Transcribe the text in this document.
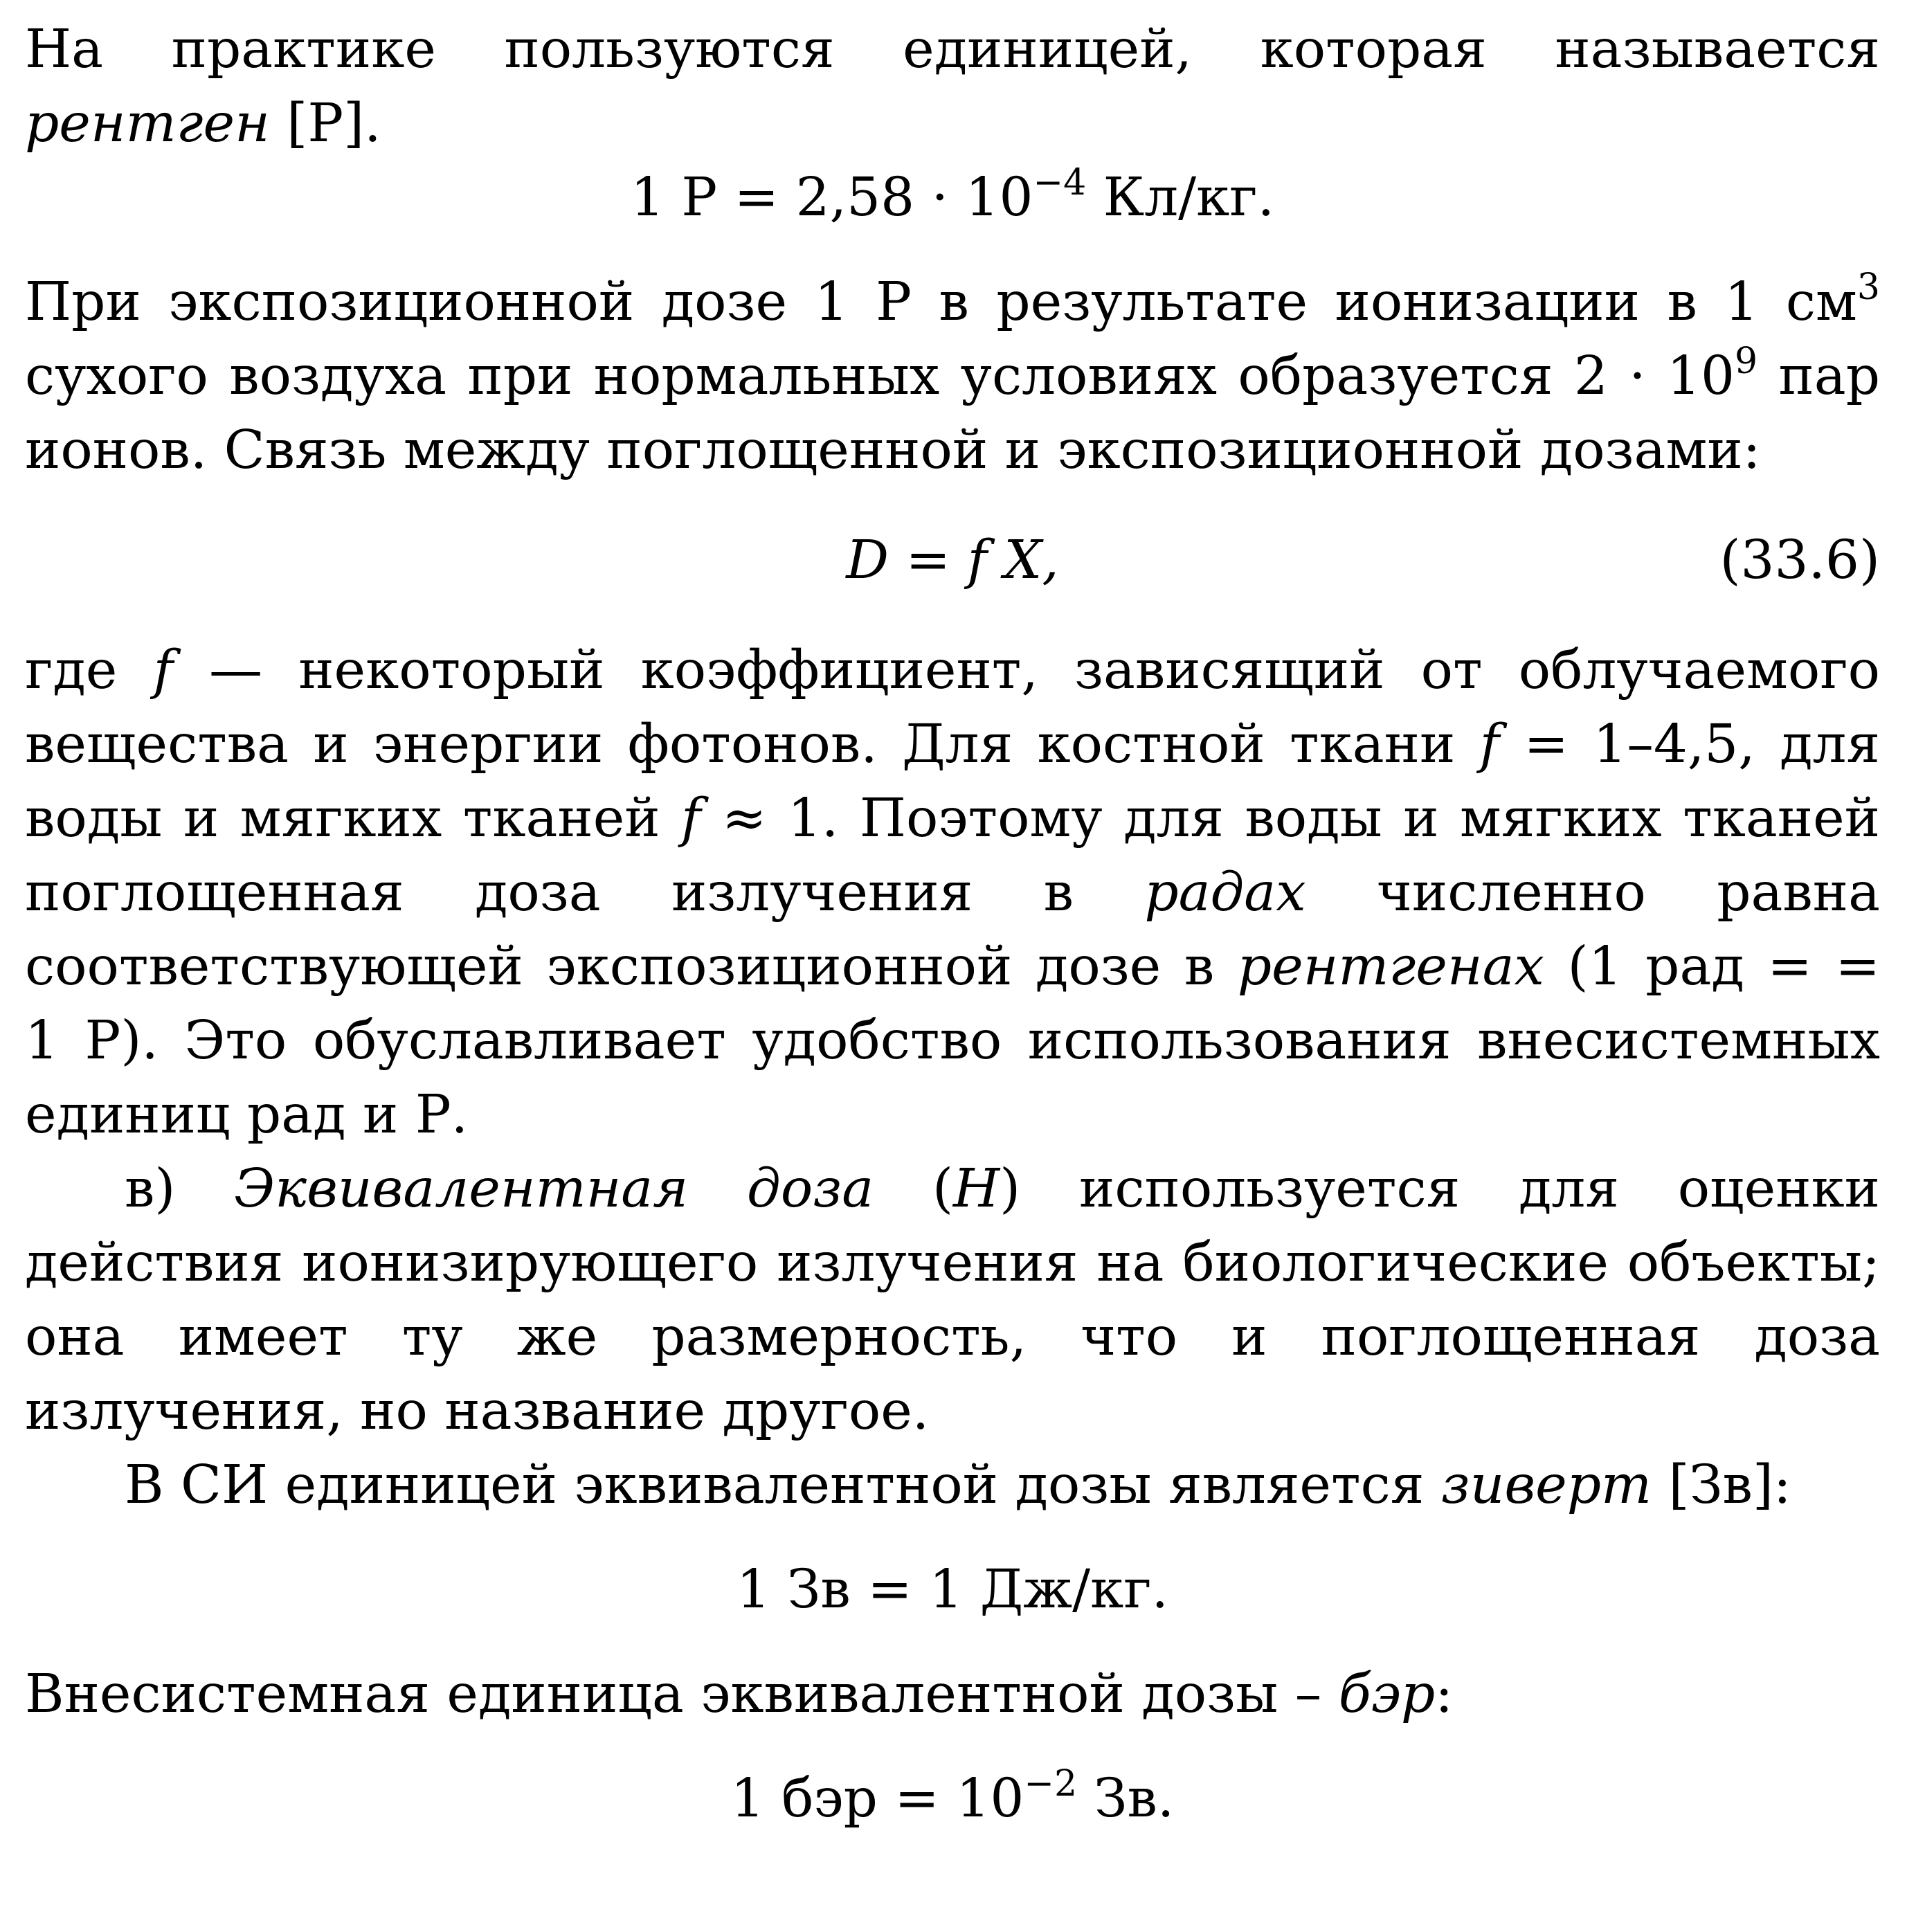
На практике пользуются единицей, которая называется рентген [Р].

1 $Р = 2,58 \cdot 10^{-4}$ Кл/кг.

При экспозиционной дозе 1 Р в результате ионизации в 1 $см^3$ сухого воздуха при нормальных условиях образуется $2 \cdot 10^9$ пар ионов. Связь между поглощенной и экспозиционной дозами:

D = f X,	(33.6)

где f — некоторый коэффициент, зависящий от облучаемого вещества и энергии фотонов. Для костной ткани f = 1–4,5, для воды и мягких тканей f ≈ 1. Поэтому для воды и мягких тканей поглощенная доза излучения в радах численно равна соответствующей экспозиционной дозе в рентгенах (1 рад = = 1 Р). Это обуславливает удобство использования внесистемных единиц рад и Р.

в) Эквивалентная доза (H) используется для оценки действия ионизирующего излучения на биологические объекты; она имеет ту же размерность, что и поглощенная доза излучения, но название другое.

В СИ единицей эквивалентной дозы является зиверт [Зв]:

1 Зв = 1 Дж/кг.

Внесистемная единица эквивалентной дозы – бэр:

1 бэр = $10^{-2}$ Зв.
